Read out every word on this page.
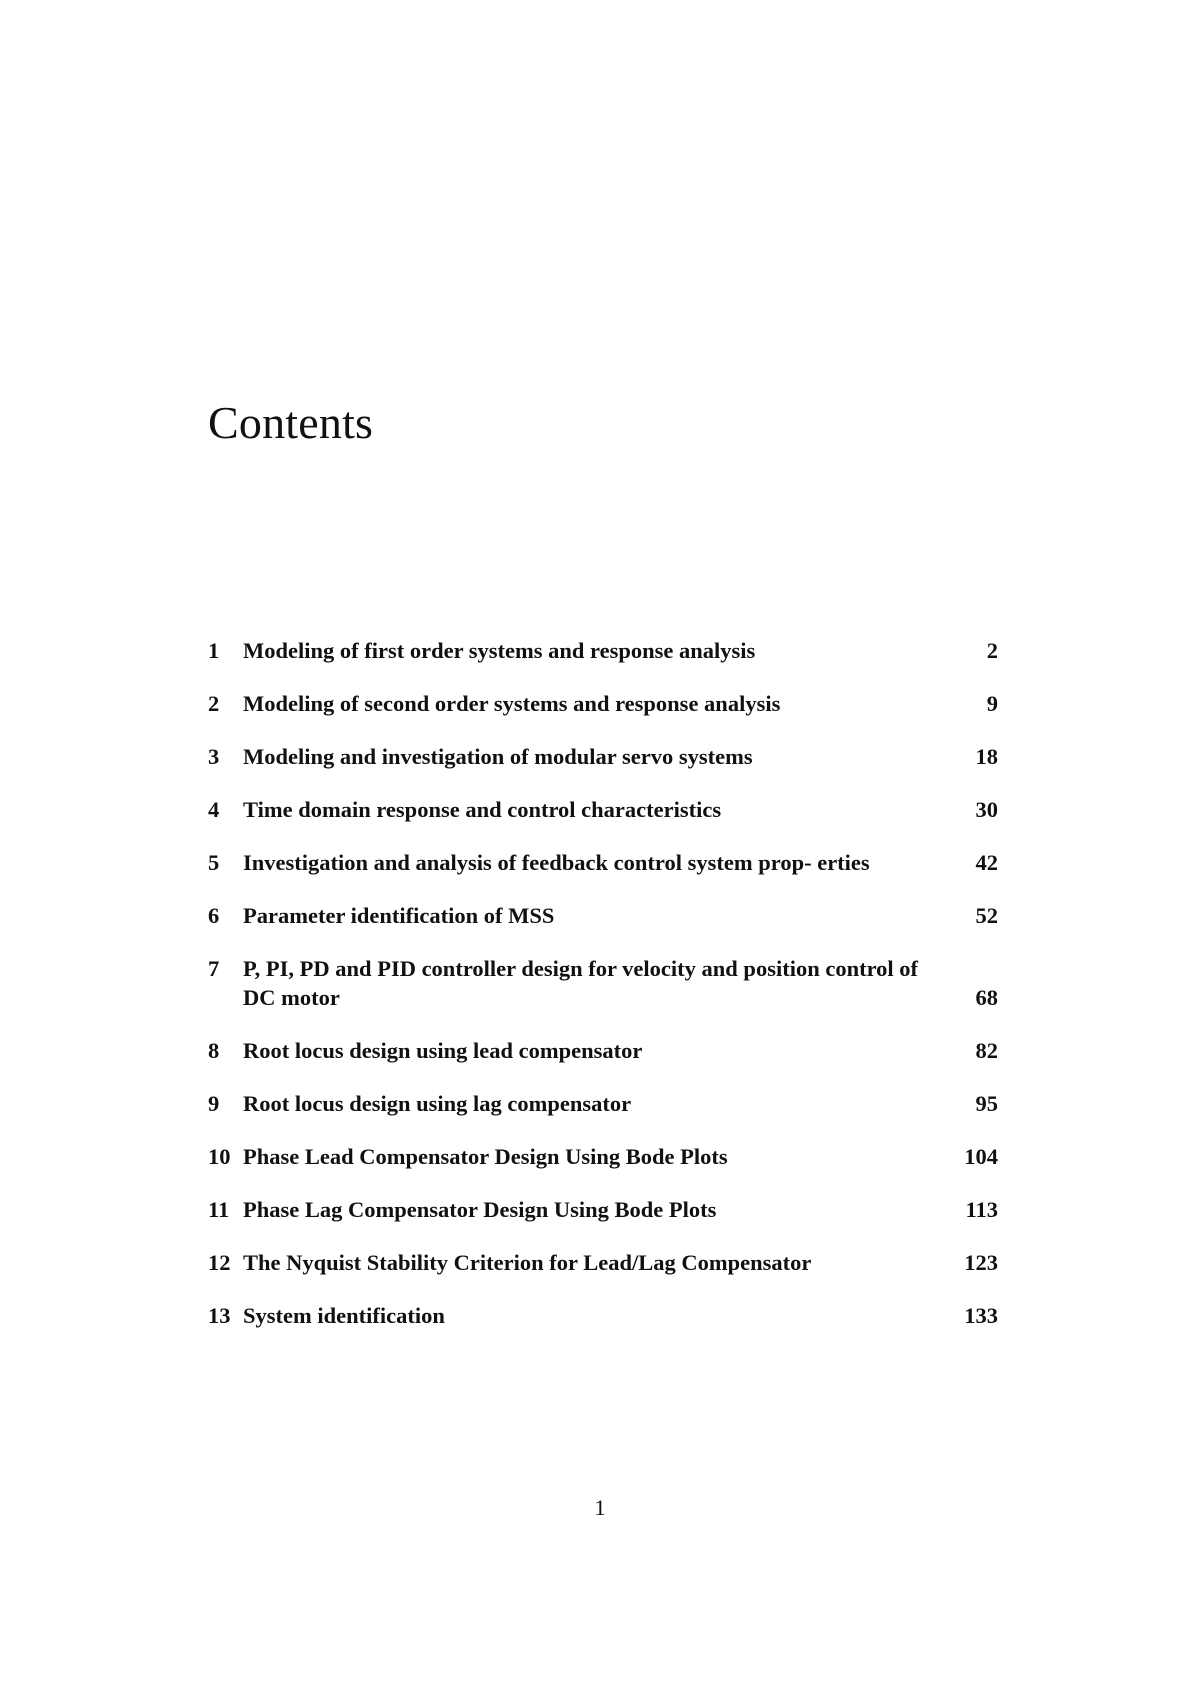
Contents
1 Modeling of first order systems and response analysis	2
2 Modeling of second order systems and response analysis	9
3 Modeling and investigation of modular servo systems	18
4 Time domain response and control characteristics	30
5 Investigation and analysis of feedback control system prop- erties	42
6 Parameter identification of MSS	52
7 P, PI, PD and PID controller design for velocity and position control of DC motor	68
8 Root locus design using lead compensator	82
9 Root locus design using lag compensator	95
10 Phase Lead Compensator Design Using Bode Plots	104
11 Phase Lag Compensator Design Using Bode Plots	113
12 The Nyquist Stability Criterion for Lead/Lag Compensator	123
13 System identification	133
1
